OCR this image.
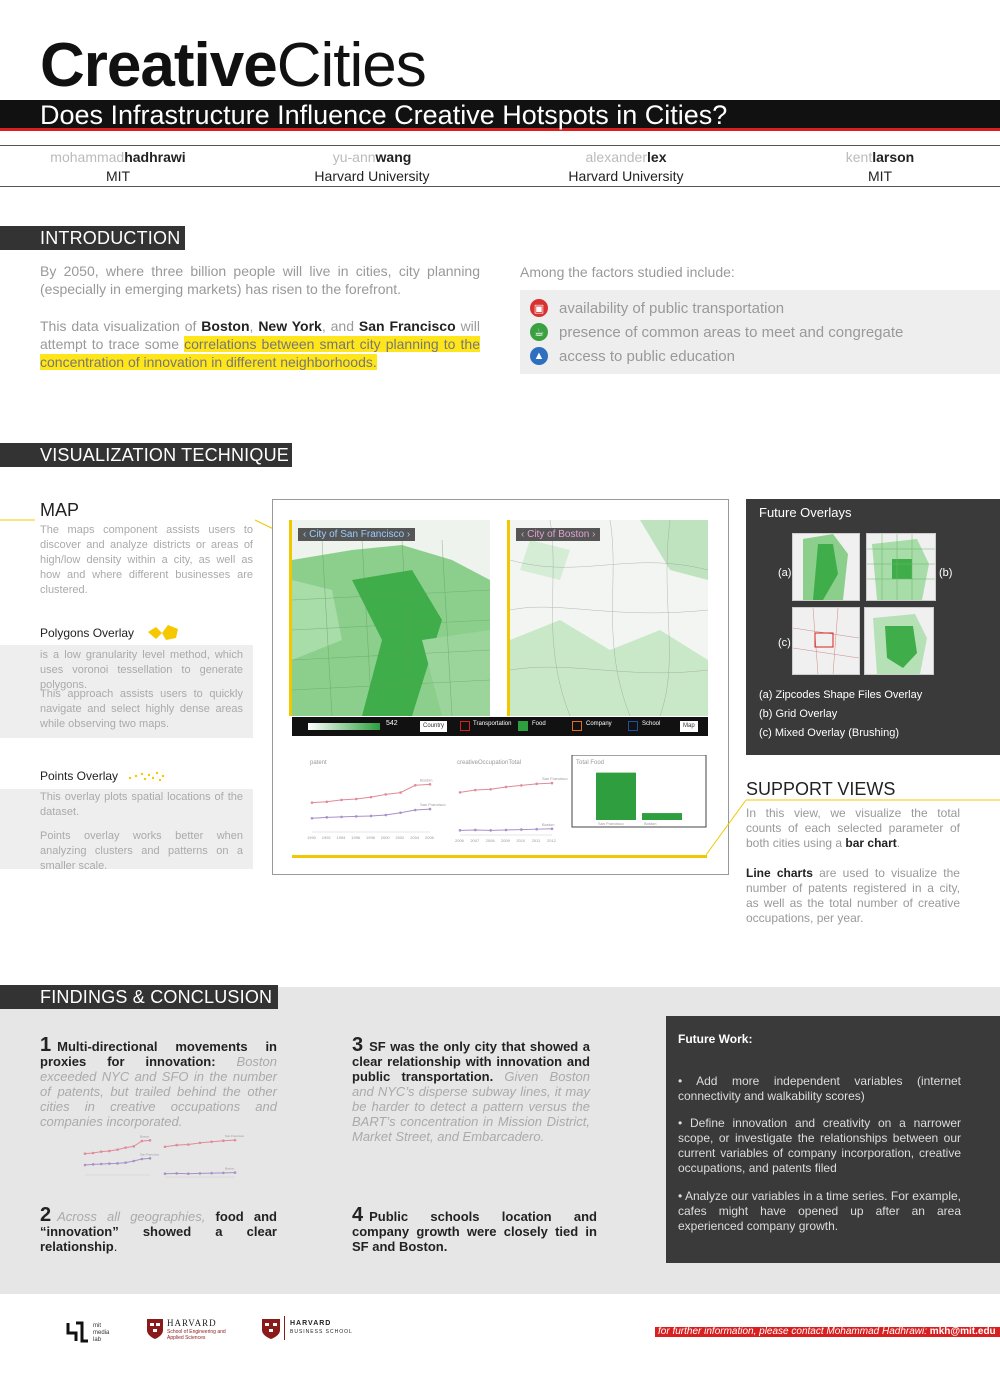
CreativeCities
Does Infrastructure Influence Creative Hotspots in Cities?
mohammadhadhrawi
MIT
yu-annwang
Harvard University
alexanderlex
Harvard University
kentlarson
MIT
INTRODUCTION
By 2050, where three billion people will live in cities, city planning (especially in emerging markets) has risen to the forefront.
This data visualization of Boston, New York, and San Francisco will attempt to trace some correlations between smart city planning to the concentration of innovation in different neighborhoods.
Among the factors studied include:
▣ availability of public transportation
☕ presence of common areas to meet and congregate
▲ access to public education
VISUALIZATION TECHNIQUE
MAP
The maps component assists users to discover and analyze districts or areas of high/low density within a city, as well as how and where different businesses are clustered.
Polygons Overlay
is a low granularity level method, which uses voronoi tessellation to generate polygons.
This approach assists users to quickly navigate and select highly dense areas while observing two maps.
Points Overlay
This overlay plots spatial locations of the dataset.
Points overlay works better when analyzing clusters and patterns on a smaller scale.
‹ City of San Francisco ›	‹ City of Boston ›
542	Country	Transportation	Food	Company	School	Map
patent	creativeOccupationTotal	Total Food
Boston
San Francisco
1990 1992 1994 1996 1998 2000 2002 2004 2006
San Francisco
Boston
2006 2007 2008 2009 2010 2011 2012
San Francisco	Boston
Future Overlays
(a)	(b)
(c)
(a) Zipcodes Shape Files Overlay
(b) Grid Overlay
(c) Mixed Overlay (Brushing)
SUPPORT VIEWS
In this view, we visualize the total counts of each selected parameter of both cities using a bar chart.
Line charts are used to visualize the number of patents registered in a city, as well as the total number of creative occupations, per year.
FINDINGS & CONCLUSION
1 Multi-directional movements in proxies for innovation: Boston exceeded NYC and SFO in the number of patents, but trailed behind the other cities in creative occupations and companies incorporated.
Boston
San Francisco
San Francisco
Boston
2 Across all geographies, food and “innovation” showed a clear relationship.
3 SF was the only city that showed a clear relationship with innovation and public transportation. Given Boston and NYC’s disperse subway lines, it may be harder to detect a pattern versus the BART’s concentration in Mission District, Market Street, and Embarcadero.
4 Public schools location and company growth were closely tied in SF and Boston.
Future Work:
• Add more independent variables (internet connectivity and walkability scores)
• Define innovation and creativity on a narrower scope, or investigate the relationships between our current variables of company incorporation, creative occupations, and patents filed
• Analyze our variables in a time series. For example, cafes might have opened up after an area experienced company growth.
mit media lab
HARVARD
School of Engineering and Applied Sciences
HARVARD
BUSINESS SCHOOL	for further information, please contact Mohammad Hadhrawi: mkh@mit.edu
